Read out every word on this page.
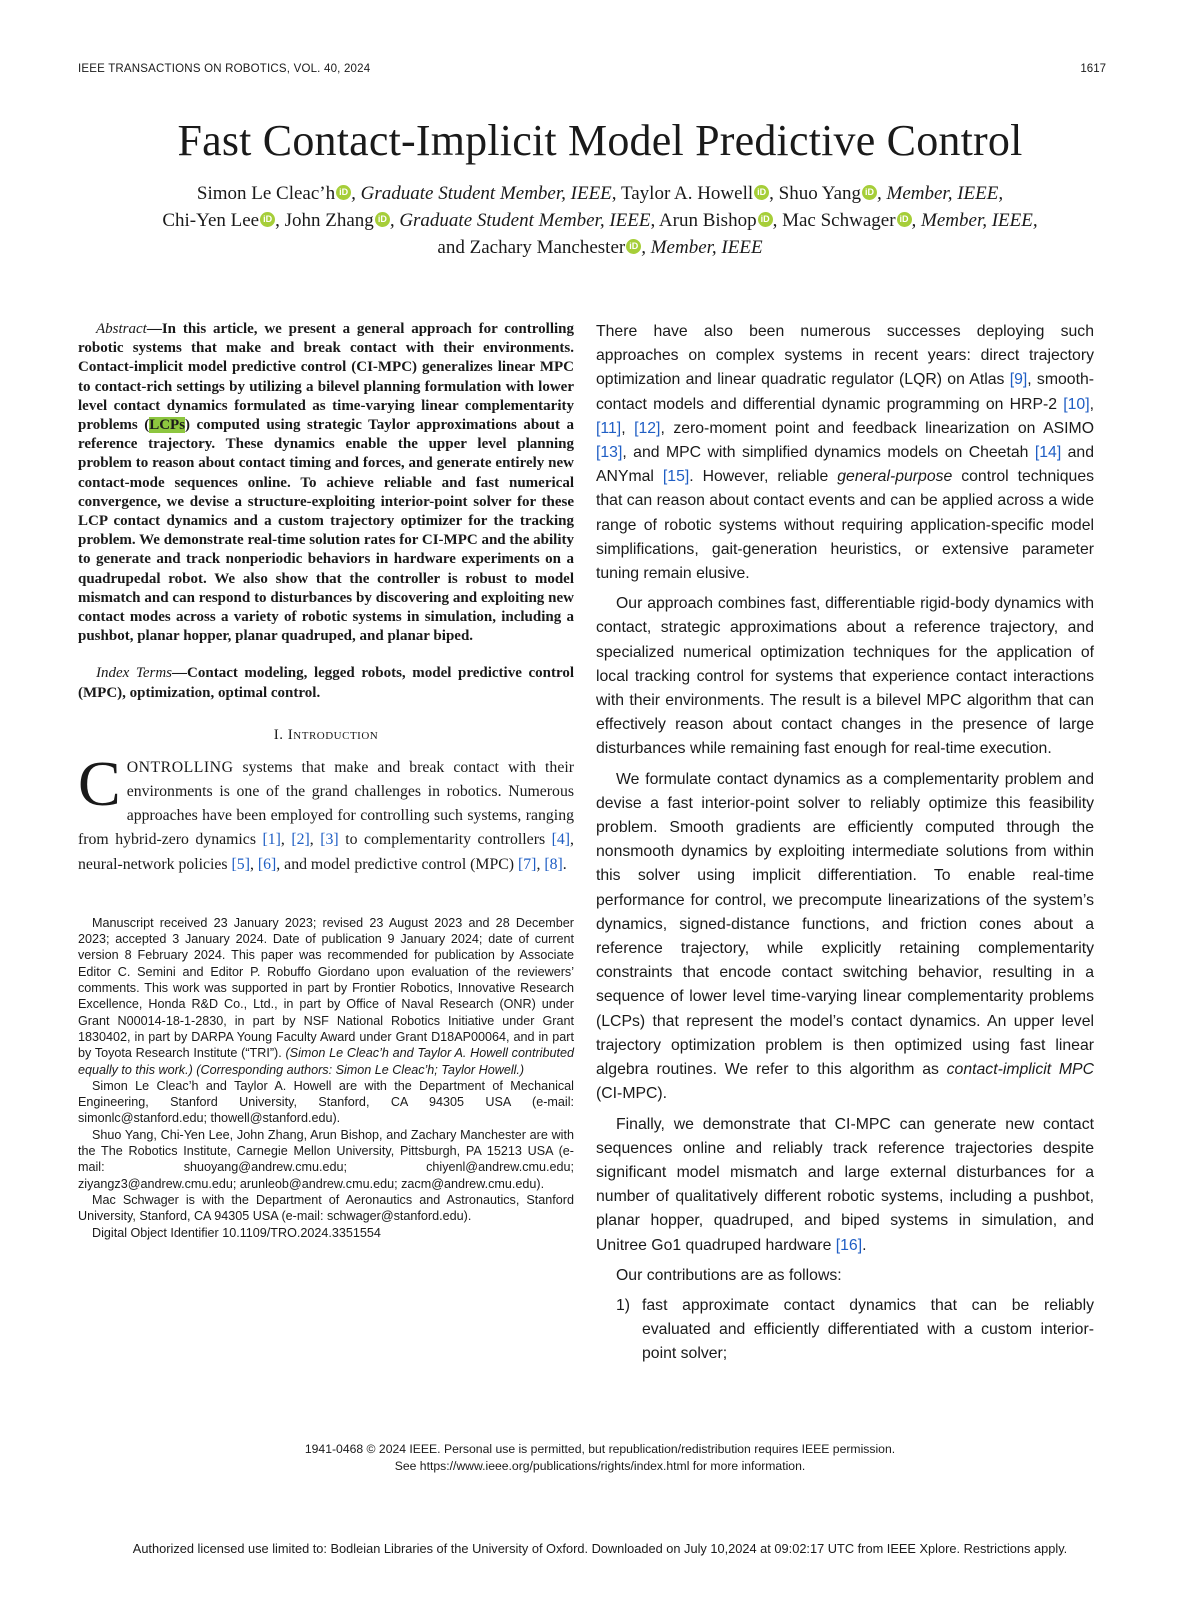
IEEE TRANSACTIONS ON ROBOTICS, VOL. 40, 2024	1617
Fast Contact-Implicit Model Predictive Control
Simon Le Cleac’h iD , Graduate Student Member, IEEE, Taylor A. Howell iD , Shuo Yang iD , Member, IEEE,
Chi-Yen Lee iD , John Zhang iD , Graduate Student Member, IEEE, Arun Bishop iD , Mac Schwager iD , Member, IEEE,
and Zachary Manchester iD , Member, IEEE

Abstract—In this article, we present a general approach for controlling robotic systems that make and break contact with their environments. Contact-implicit model predictive control (CI-MPC) generalizes linear MPC to contact-rich settings by utilizing a bilevel planning formulation with lower level contact dynamics formulated as time-varying linear complementarity problems (LCPs) computed using strategic Taylor approximations about a reference trajectory. These dynamics enable the upper level planning problem to reason about contact timing and forces, and generate entirely new contact-mode sequences online. To achieve reliable and fast numerical convergence, we devise a structure-exploiting interior-point solver for these LCP contact dynamics and a custom trajectory optimizer for the tracking problem. We demonstrate real-time solution rates for CI-MPC and the ability to generate and track nonperiodic behaviors in hardware experiments on a quadrupedal robot. We also show that the controller is robust to model mismatch and can respond to disturbances by discovering and exploiting new contact modes across a variety of robotic systems in simulation, including a pushbot, planar hopper, planar quadruped, and planar biped.

Index Terms—Contact modeling, legged robots, model predictive control (MPC), optimization, optimal control.

I. Introduction

CONTROLLING systems that make and break contact with their environments is one of the grand challenges in robotics. Numerous approaches have been employed for controlling such systems, ranging from hybrid-zero dynamics [1], [2], [3] to complementarity controllers [4], neural-network policies [5], [6], and model predictive control (MPC) [7], [8].

Manuscript received 23 January 2023; revised 23 August 2023 and 28 December 2023; accepted 3 January 2024. Date of publication 9 January 2024; date of current version 8 February 2024. This paper was recommended for publication by Associate Editor C. Semini and Editor P. Robuffo Giordano upon evaluation of the reviewers’ comments. This work was supported in part by Frontier Robotics, Innovative Research Excellence, Honda R&D Co., Ltd., in part by Office of Naval Research (ONR) under Grant N00014-18-1-2830, in part by NSF National Robotics Initiative under Grant 1830402, in part by DARPA Young Faculty Award under Grant D18AP00064, and in part by Toyota Research Institute (“TRI”). (Simon Le Cleac’h and Taylor A. Howell contributed equally to this work.) (Corresponding authors: Simon Le Cleac’h; Taylor Howell.)

Simon Le Cleac’h and Taylor A. Howell are with the Department of Mechanical Engineering, Stanford University, Stanford, CA 94305 USA (e-mail: simonlc@stanford.edu; thowell@stanford.edu).

Shuo Yang, Chi-Yen Lee, John Zhang, Arun Bishop, and Zachary Manchester are with the The Robotics Institute, Carnegie Mellon University, Pittsburgh, PA 15213 USA (e-mail: shuoyang@andrew.cmu.edu; chiyenl@andrew.cmu.edu; ziyangz3@andrew.cmu.edu; arunleob@andrew.cmu.edu; zacm@andrew.cmu.edu).

Mac Schwager is with the Department of Aeronautics and Astronautics, Stanford University, Stanford, CA 94305 USA (e-mail: schwager@stanford.edu).

Digital Object Identifier 10.1109/TRO.2024.3351554

There have also been numerous successes deploying such approaches on complex systems in recent years: direct trajectory optimization and linear quadratic regulator (LQR) on Atlas [9], smooth-contact models and differential dynamic programming on HRP-2 [10], [11], [12], zero-moment point and feedback linearization on ASIMO [13], and MPC with simplified dynamics models on Cheetah [14] and ANYmal [15]. However, reliable general-purpose control techniques that can reason about contact events and can be applied across a wide range of robotic systems without requiring application-specific model simplifications, gait-generation heuristics, or extensive parameter tuning remain elusive.

Our approach combines fast, differentiable rigid-body dynamics with contact, strategic approximations about a reference trajectory, and specialized numerical optimization techniques for the application of local tracking control for systems that experience contact interactions with their environments. The result is a bilevel MPC algorithm that can effectively reason about contact changes in the presence of large disturbances while remaining fast enough for real-time execution.

We formulate contact dynamics as a complementarity problem and devise a fast interior-point solver to reliably optimize this feasibility problem. Smooth gradients are efficiently computed through the nonsmooth dynamics by exploiting intermediate solutions from within this solver using implicit differentiation. To enable real-time performance for control, we precompute linearizations of the system’s dynamics, signed-distance functions, and friction cones about a reference trajectory, while explicitly retaining complementarity constraints that encode contact switching behavior, resulting in a sequence of lower level time-varying linear complementarity problems (LCPs) that represent the model’s contact dynamics. An upper level trajectory optimization problem is then optimized using fast linear algebra routines. We refer to this algorithm as contact-implicit MPC (CI-MPC).

Finally, we demonstrate that CI-MPC can generate new contact sequences online and reliably track reference trajectories despite significant model mismatch and large external disturbances for a number of qualitatively different robotic systems, including a pushbot, planar hopper, quadruped, and biped systems in simulation, and Unitree Go1 quadruped hardware [16].

Our contributions are as follows:

1) fast approximate contact dynamics that can be reliably evaluated and efficiently differentiated with a custom interior-point solver;

1941-0468 © 2024 IEEE. Personal use is permitted, but republication/redistribution requires IEEE permission.
See https://www.ieee.org/publications/rights/index.html for more information.
Authorized licensed use limited to: Bodleian Libraries of the University of Oxford. Downloaded on July 10,2024 at 09:02:17 UTC from IEEE Xplore. Restrictions apply.
